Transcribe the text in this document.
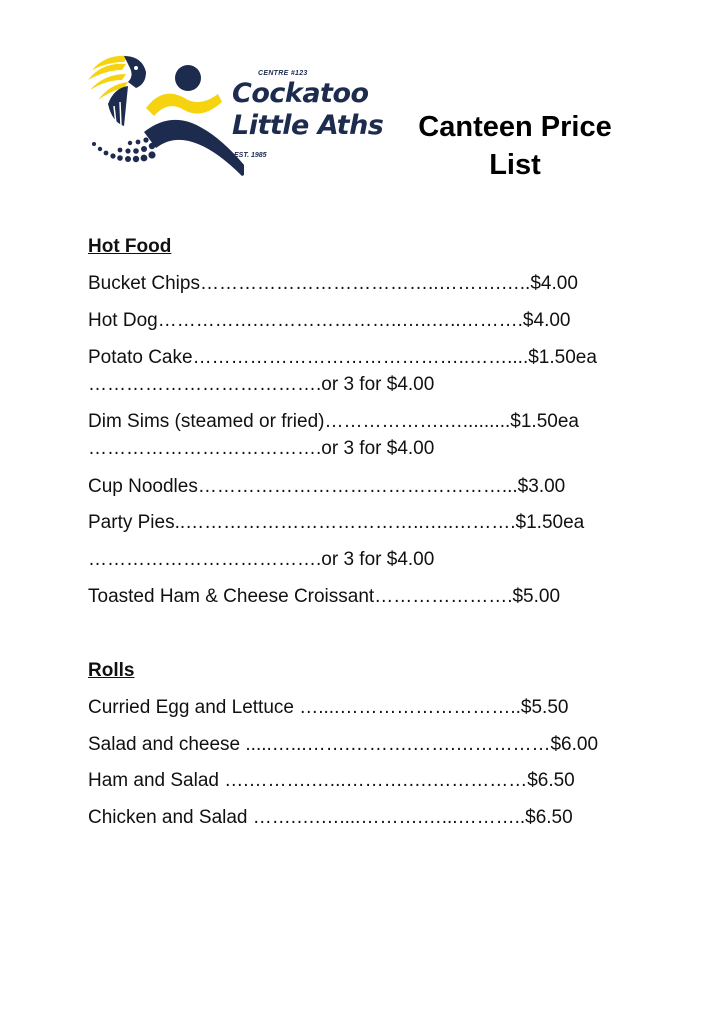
CENTRE #123
Cockatoo
Little Aths
EST. 1985
Canteen Price
List
Hot Food
Bucket Chips………………………………..……….…..$4.00
Hot Dog…………….…………………..…..…..……….$4.00
Potato Cake……………………………………..……....$1.50ea
……………………………….or 3 for $4.00
Dim Sims (steamed or fried)……………….….........$1.50ea
……………………………….or 3 for $4.00
Cup Noodles…………………………………………...$3.00
Party Pies..………………………………..…..……….$1.50ea
……………………………….or 3 for $4.00
Toasted Ham & Cheese Croissant………………….$5.00
Rolls
Curried Egg and Lettuce …....………………………..$5.50
Salad and cheese .....…...…….……….…….……………$6.00
Ham and Salad ….……….…...……….….……………$6.50
Chicken and Salad …….….…....……….…...………..$6.50
